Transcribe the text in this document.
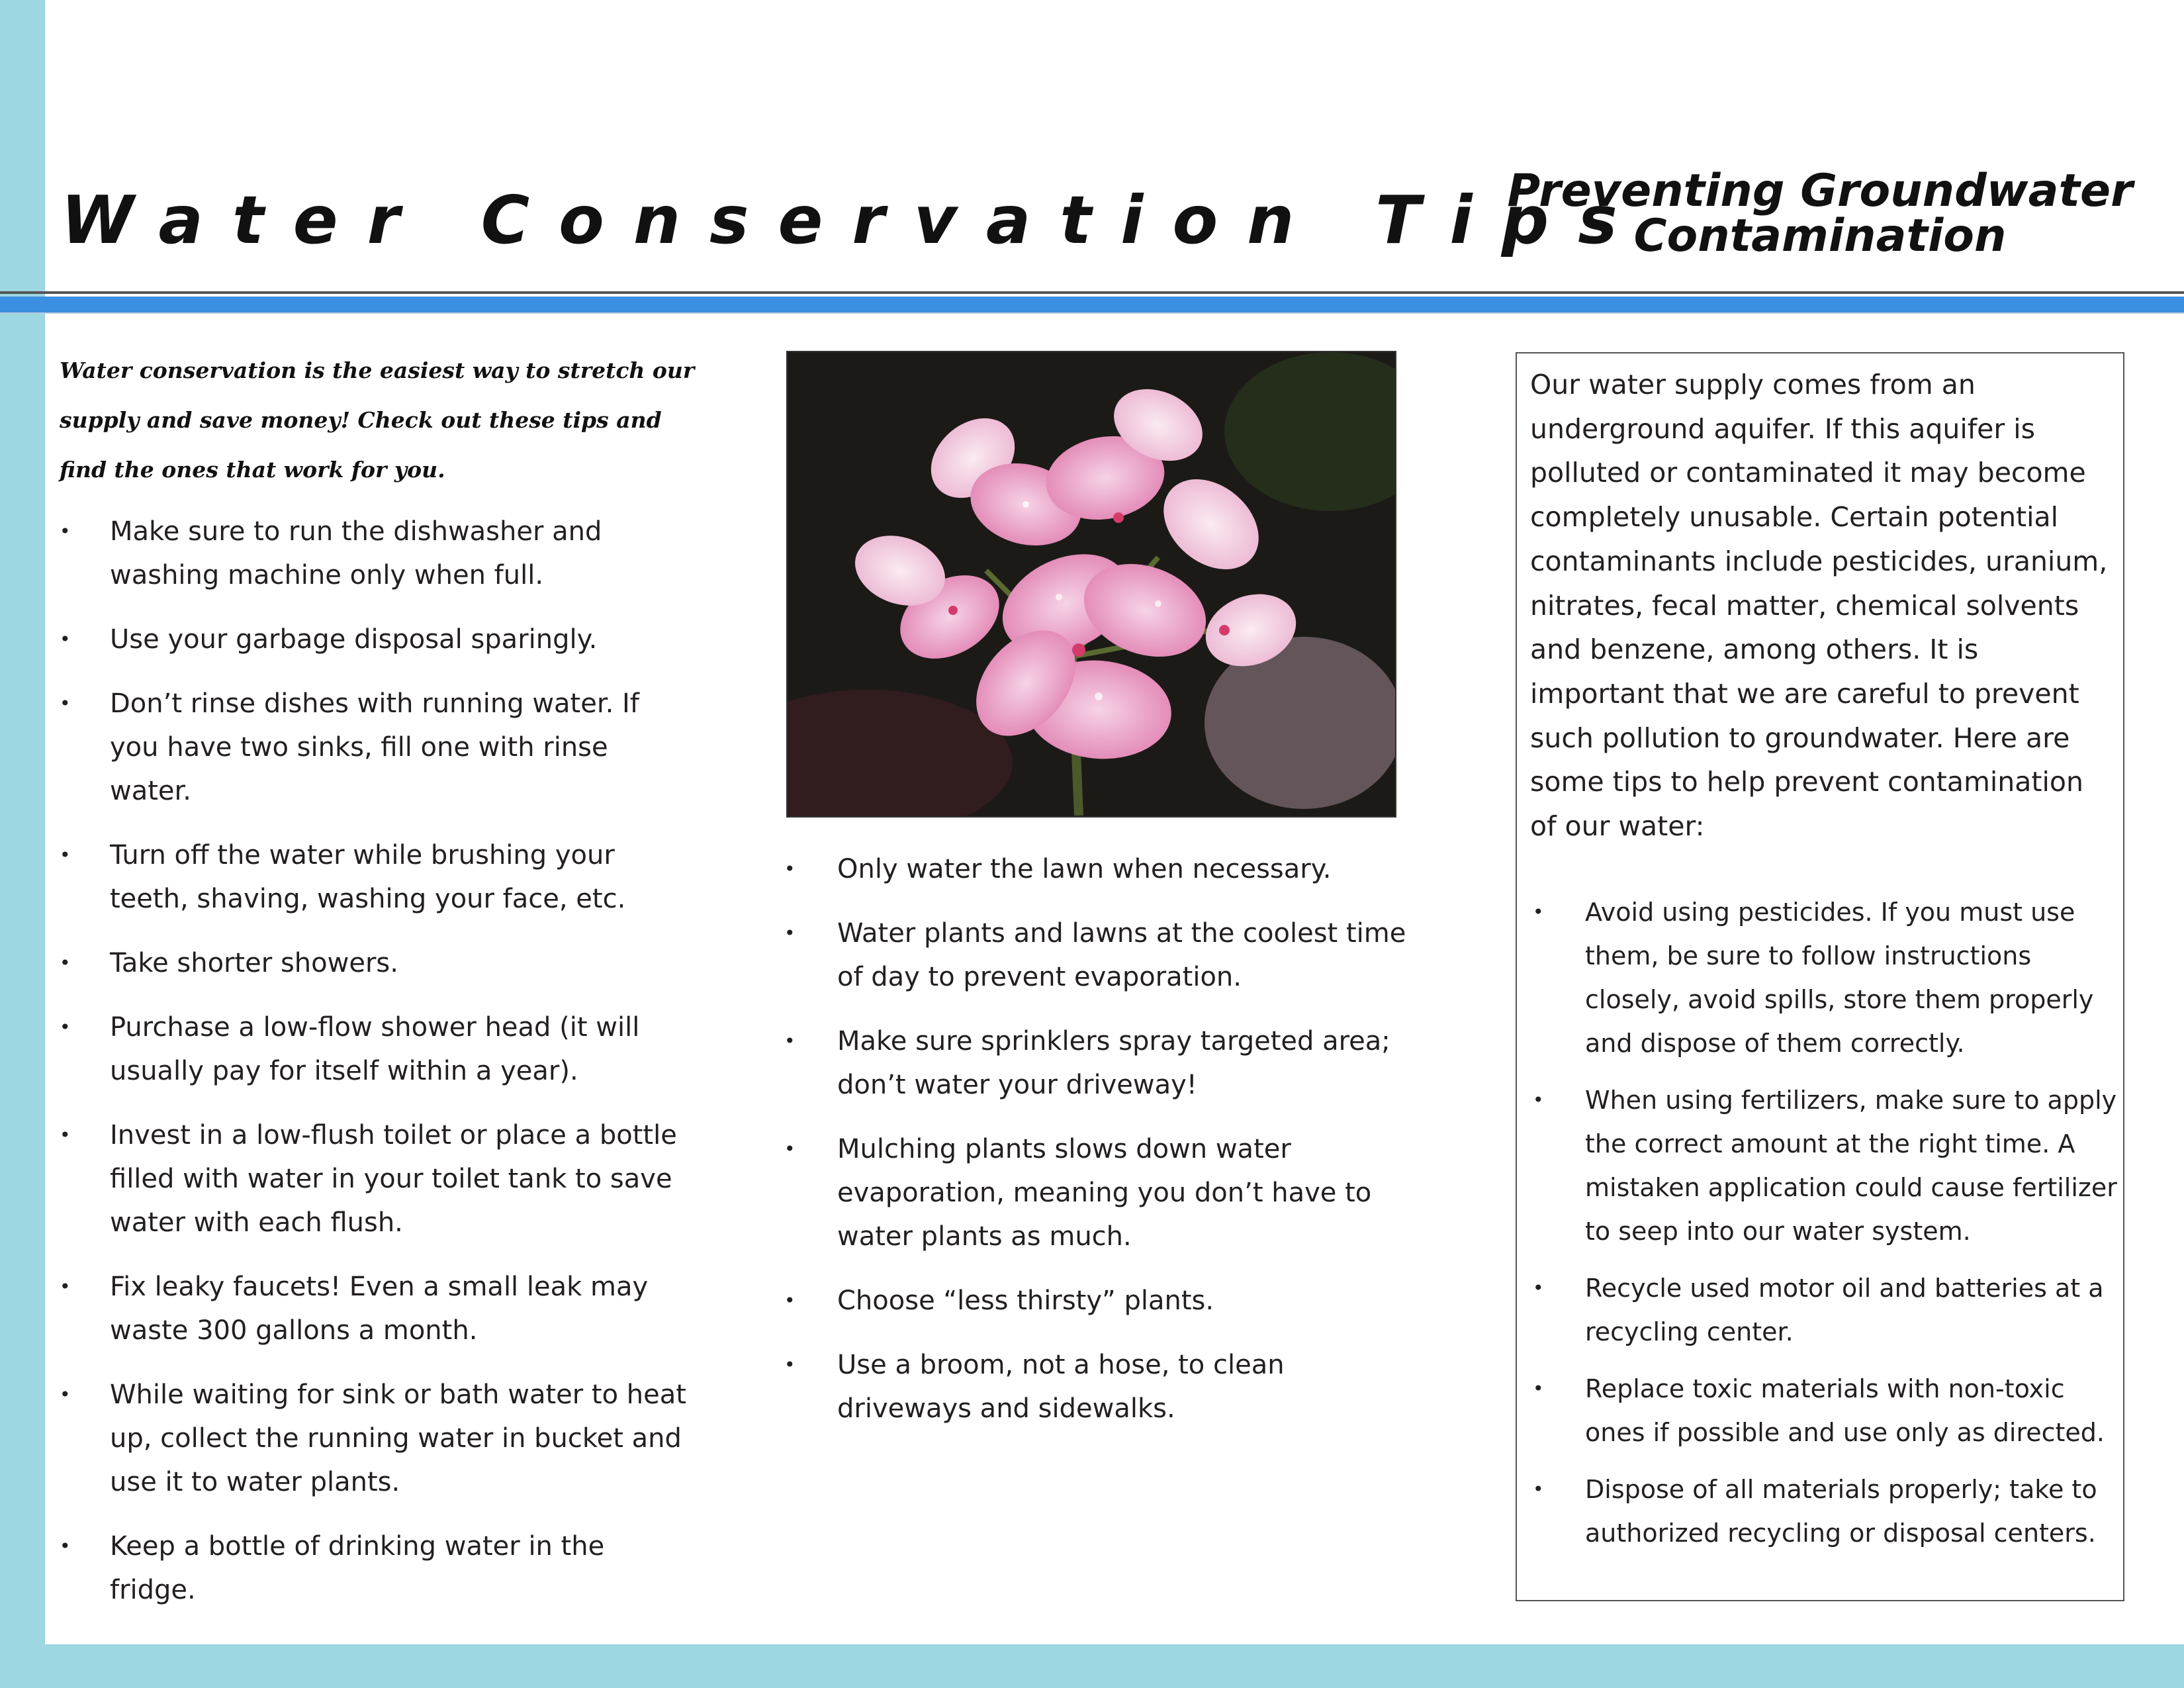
Water Conservation Tips
Preventing Groundwater Contamination

Water conservation is the easiest way to stretch our supply and save money! Check out these tips and find the ones that work for you.

• Make sure to run the dishwasher and washing machine only when full.
• Use your garbage disposal sparingly.
• Don’t rinse dishes with running water. If you have two sinks, fill one with rinse water.
• Turn off the water while brushing your teeth, shaving, washing your face, etc.
• Take shorter showers.
• Purchase a low-flow shower head (it will usually pay for itself within a year).
• Invest in a low-flush toilet or place a bottle filled with water in your toilet tank to save water with each flush.
• Fix leaky faucets! Even a small leak may waste 300 gallons a month.
• While waiting for sink or bath water to heat up, collect the running water in bucket and use it to water plants.
• Keep a bottle of drinking water in the fridge.
• Only water the lawn when necessary.
• Water plants and lawns at the coolest time of day to prevent evaporation.
• Make sure sprinklers spray targeted area; don’t water your driveway!
• Mulching plants slows down water evaporation, meaning you don’t have to water plants as much.
• Choose “less thirsty” plants.
• Use a broom, not a hose, to clean driveways and sidewalks.

Our water supply comes from an underground aquifer. If this aquifer is polluted or contaminated it may become completely unusable. Certain potential contaminants include pesticides, uranium, nitrates, fecal matter, chemical solvents and benzene, among others. It is important that we are careful to prevent such pollution to groundwater. Here are some tips to help prevent contamination of our water:

• Avoid using pesticides. If you must use them, be sure to follow instructions closely, avoid spills, store them properly and dispose of them correctly.
• When using fertilizers, make sure to apply the correct amount at the right time. A mistaken application could cause fertilizer to seep into our water system.
• Recycle used motor oil and batteries at a recycling center.
• Replace toxic materials with non-toxic ones if possible and use only as directed.
• Dispose of all materials properly; take to authorized recycling or disposal centers.
